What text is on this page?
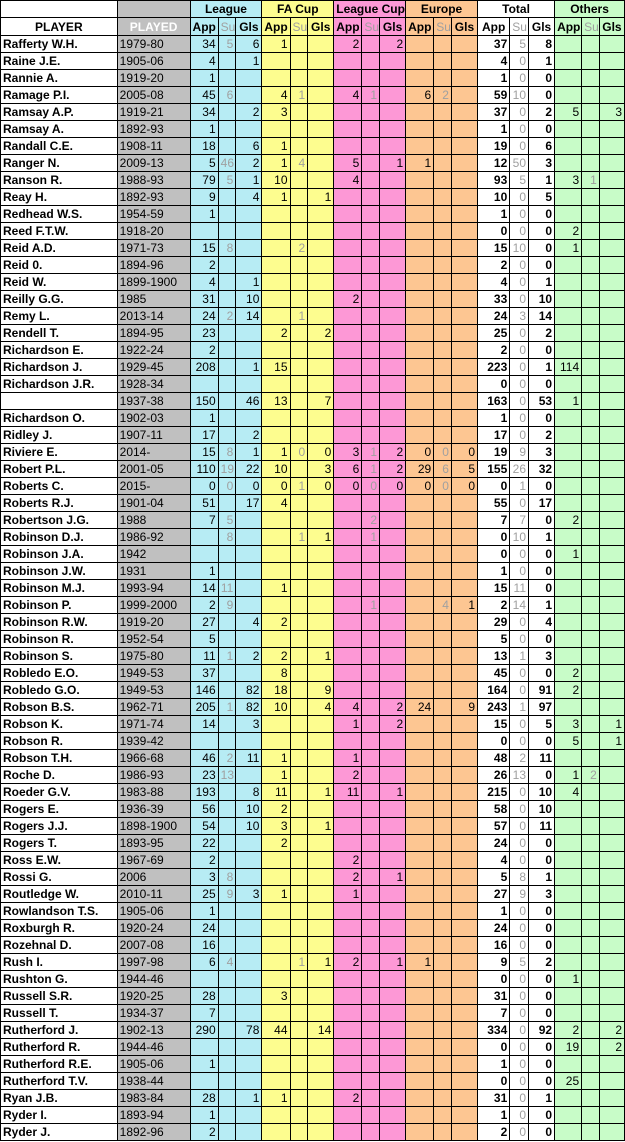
		League			FA Cup			League Cup			Europe			Total			Others		
PLAYER	PLAYED	App	Su	Gls	App	Su	Gls	App	Su	Gls	App	Su	Gls	App	Su	Gls	App	Su	Gls
Rafferty W.H.	1979-80	34	5	6	1			2		2				37	5	8			
Raine J.E.	1905-06	4		1										4	0	1			
Rannie A.	1919-20	1												1	0	0			
Ramage P.I.	2005-08	45	6		4	1		4	1		6	2		59	10	0			
Ramsay A.P.	1919-21	34		2	3									37	0	2	5		3
Ramsay A.	1892-93	1												1	0	0			
Randall C.E.	1908-11	18		6	1									19	0	6			
Ranger N.	2009-13	5	46	2	1	4		5		1	1			12	50	3			
Ranson R.	1988-93	79	5	1	10			4						93	5	1	3	1	
Reay H.	1892-93	9		4	1		1							10	0	5			
Redhead W.S.	1954-59	1												1	0	0			
Reed F.T.W.	1918-20													0	0	0	2		
Reid A.D.	1971-73	15	8			2								15	10	0	1		
Reid 0.	1894-96	2												2	0	0			
Reid W.	1899-1900	4		1										4	0	1			
Reilly G.G.	1985	31		10				2						33	0	10			
Remy L.	2013-14	24	2	14		1								24	3	14			
Rendell T.	1894-95	23			2		2							25	0	2			
Richardson E.	1922-24	2												2	0	0			
Richardson J.	1929-45	208		1	15									223	0	1	114		
Richardson J.R.	1928-34													0	0	0			
	1937-38	150		46	13		7							163	0	53	1		
Richardson O.	1902-03	1												1	0	0			
Ridley J.	1907-11	17		2										17	0	2			
Riviere E.	2014-	15	8	1	1	0	0	3	1	2	0	0	0	19	9	3			
Robert P.L.	2001-05	110	19	22	10		3	6	1	2	29	6	5	155	26	32			
Roberts C.	2015-	0	0	0	0	1	0	0	0	0	0	0	0	0	1	0			
Roberts R.J.	1901-04	51		17	4									55	0	17			
Robertson J.G.	1988	7	5						2					7	7	0	2		
Robinson D.J.	1986-92		8			1	1		1					0	10	1			
Robinson J.A.	1942													0	0	0	1		
Robinson J.W.	1931	1												1	0	0			
Robinson M.J.	1993-94	14	11		1									15	11	0			
Robinson P.	1999-2000	2	9						1			4	1	2	14	1			
Robinson R.W.	1919-20	27		4	2									29	0	4			
Robinson R.	1952-54	5												5	0	0			
Robinson S.	1975-80	11	1	2	2		1							13	1	3			
Robledo E.O.	1949-53	37			8									45	0	0	2		
Robledo G.O.	1949-53	146		82	18		9							164	0	91	2		
Robson B.S.	1962-71	205	1	82	10		4	4		2	24		9	243	1	97			
Robson K.	1971-74	14		3				1		2				15	0	5	3		1
Robson R.	1939-42													0	0	0	5		1
Robson T.H.	1966-68	46	2	11	1			1						48	2	11			
Roche D.	1986-93	23	13		1			2						26	13	0	1	2	
Roeder G.V.	1983-88	193		8	11		1	11		1				215	0	10	4		
Rogers E.	1936-39	56		10	2									58	0	10			
Rogers J.J.	1898-1900	54		10	3		1							57	0	11			
Rogers T.	1893-95	22			2									24	0	0			
Ross E.W.	1967-69	2						2						4	0	0			
Rossi G.	2006	3	8					2		1				5	8	1			
Routledge W.	2010-11	25	9	3	1			1						27	9	3			
Rowlandson T.S.	1905-06	1												1	0	0			
Roxburgh R.	1920-24	24												24	0	0			
Rozehnal D.	2007-08	16												16	0	0			
Rush I.	1997-98	6	4			1	1	2		1	1			9	5	2			
Rushton G.	1944-46													0	0	0	1		
Russell S.R.	1920-25	28			3									31	0	0			
Russell T.	1934-37	7												7	0	0			
Rutherford J.	1902-13	290		78	44		14							334	0	92	2		2
Rutherford R.	1944-46													0	0	0	19		2
Rutherford R.E.	1905-06	1												1	0	0			
Rutherford T.V.	1938-44													0	0	0	25		
Ryan J.B.	1983-84	28		1	1			2						31	0	1			
Ryder I.	1893-94	1												1	0	0			
Ryder J.	1892-96	2												2	0	0			
